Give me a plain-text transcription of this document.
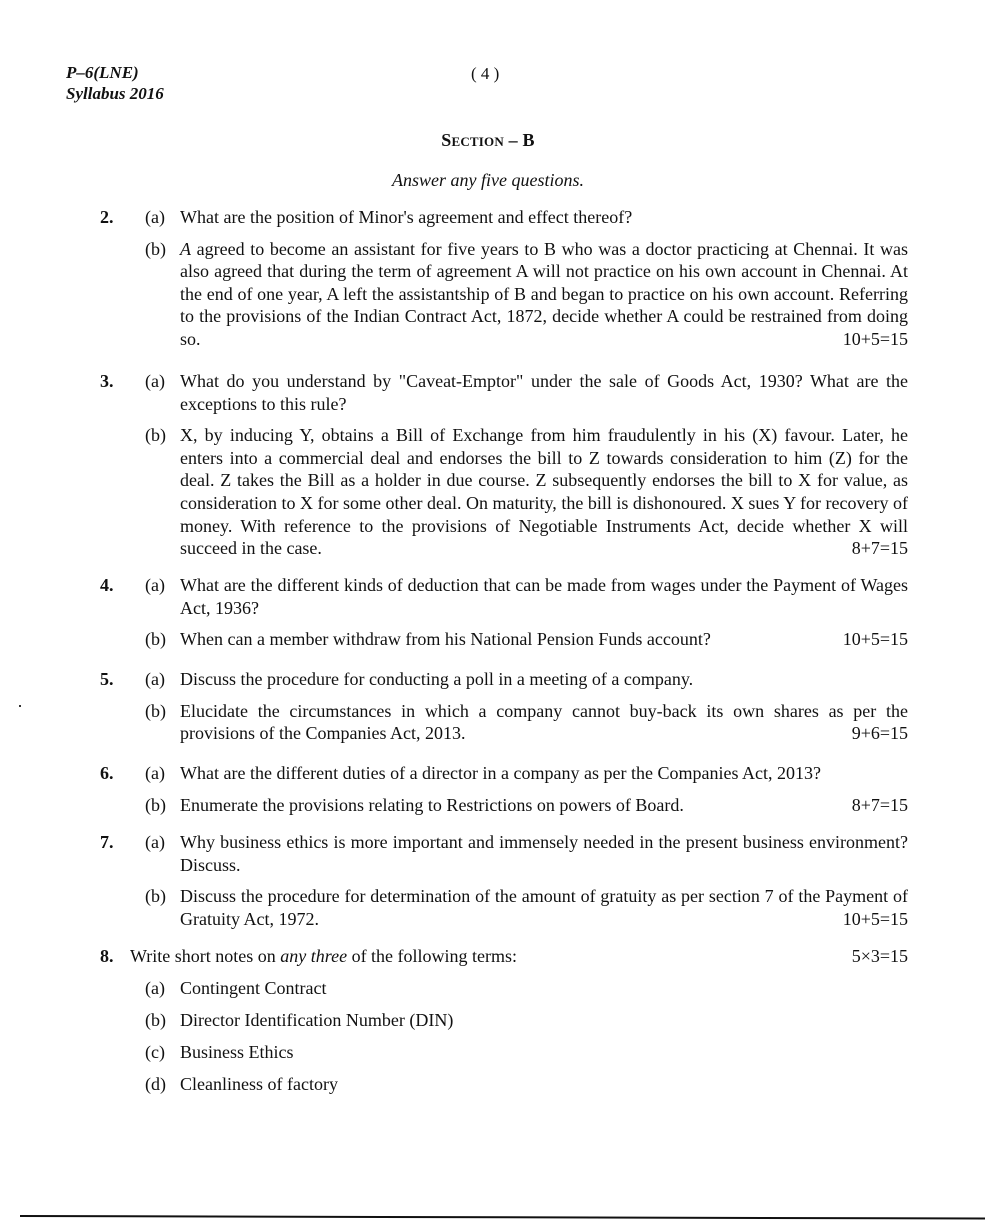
P–6(LNE)
Syllabus 2016
( 4 )
Section – B
Answer any five questions.
2. (a) What are the position of Minor's agreement and effect thereof?
(b) A agreed to become an assistant for five years to B who was a doctor practicing at Chennai. It was also agreed that during the term of agreement A will not practice on his own account in Chennai. At the end of one year, A left the assistantship of B and began to practice on his own account. Referring to the provisions of the Indian Contract Act, 1872, decide whether A could be restrained from doing so.	10+5=15
3. (a) What do you understand by "Caveat-Emptor" under the sale of Goods Act, 1930? What are the exceptions to this rule?
(b) X, by inducing Y, obtains a Bill of Exchange from him fraudulently in his (X) favour. Later, he enters into a commercial deal and endorses the bill to Z towards consideration to him (Z) for the deal. Z takes the Bill as a holder in due course. Z subsequently endorses the bill to X for value, as consideration to X for some other deal. On maturity, the bill is dishonoured. X sues Y for recovery of money. With reference to the provisions of Negotiable Instruments Act, decide whether X will succeed in the case.	8+7=15
4. (a) What are the different kinds of deduction that can be made from wages under the Payment of Wages Act, 1936?
(b) When can a member withdraw from his National Pension Funds account?	10+5=15
5. (a) Discuss the procedure for conducting a poll in a meeting of a company.
(b) Elucidate the circumstances in which a company cannot buy-back its own shares as per the provisions of the Companies Act, 2013.	9+6=15
6. (a) What are the different duties of a director in a company as per the Companies Act, 2013?
(b) Enumerate the provisions relating to Restrictions on powers of Board.	8+7=15
7. (a) Why business ethics is more important and immensely needed in the present business environment? Discuss.
(b) Discuss the procedure for determination of the amount of gratuity as per section 7 of the Payment of Gratuity Act, 1972.	10+5=15
8. Write short notes on any three of the following terms:	5×3=15
(a) Contingent Contract
(b) Director Identification Number (DIN)
(c) Business Ethics
(d) Cleanliness of factory
